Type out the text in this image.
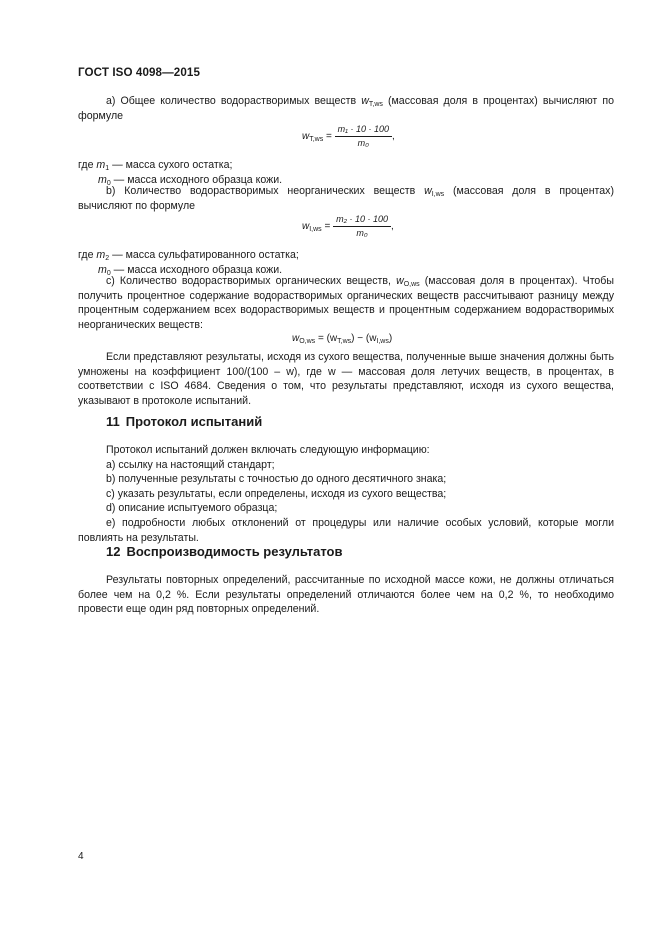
ГОСТ ISO 4098—2015
a) Общее количество водорастворимых веществ $w_{T,ws}$ (массовая доля в процентах) вычисляют по формуле
$w_{T,ws} = \frac{\text{m₁ · 10 · 100}}{\text{m₀}}$ ,
где $m_1$ — масса сухого остатка;
$m_0$ — масса исходного образца кожи.
b) Количество водорастворимых неорганических веществ $w_{I,ws}$ (массовая доля в процентах) вычисляют по формуле
$w_{I,ws} = \frac{\text{m₂ · 10 · 100}}{\text{m₀}}$ ,
где $m_2$ — масса сульфатированного остатка;
$m_0$ — масса исходного образца кожи.
c) Количество водорастворимых органических веществ, $w_{O,ws}$ (массовая доля в процентах). Чтобы получить процентное содержание водорастворимых органических веществ рассчитывают разницу между процентным содержанием всех водорастворимых веществ и процентным содержанием водорастворимых неорганических веществ:
$w_{O,ws} = (w_{T,ws}) - (w_{I,ws})$
Если представляют результаты, исходя из сухого вещества, полученные выше значения должны быть умножены на коэффициент 100/(100 – w), где w — массовая доля летучих веществ, в процентах, в соответствии с ISO 4684. Сведения о том, что результаты представляют, исходя из сухого вещества, указывают в протоколе испытаний.
11 Протокол испытаний

Протокол испытаний должен включать следующую информацию:

a) ссылку на настоящий стандарт;

b) полученные результаты с точностью до одного десятичного знака;

c) указать результаты, если определены, исходя из сухого вещества;

d) описание испытуемого образца;

e) подробности любых отклонений от процедуры или наличие особых условий, которые могли повлиять на результаты.

12 Воспроизводимость результатов
Результаты повторных определений, рассчитанные по исходной массе кожи, не должны отличаться более чем на 0,2 %. Если результаты определений отличаются более чем на 0,2 %, то необходимо провести еще один ряд повторных определений.
4
